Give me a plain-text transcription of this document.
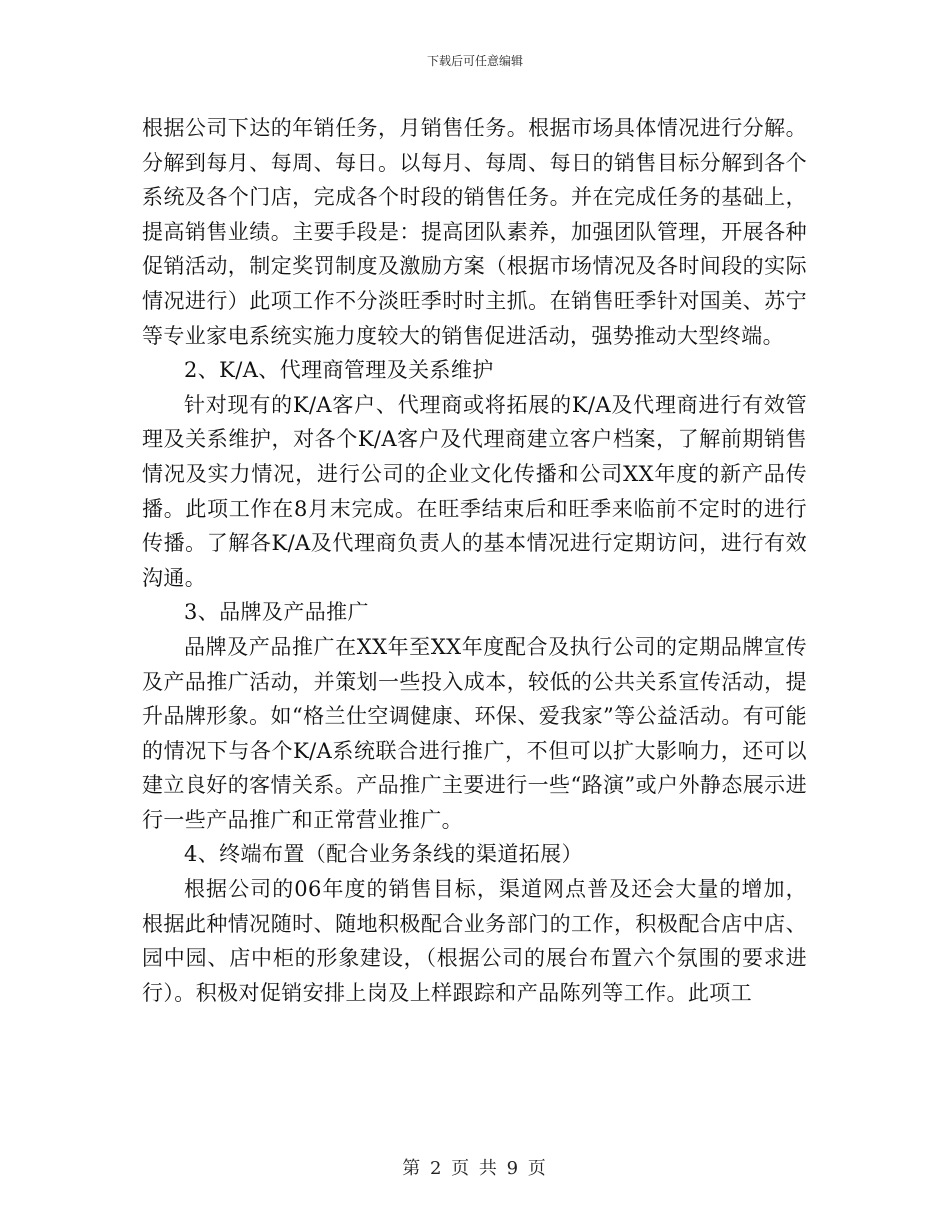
下载后可任意编辑

根据公司下达的年销任务，月销售任务。根据市场具体情况进行分解。分解到每月、每周、每日。以每月、每周、每日的销售目标分解到各个系统及各个门店，完成各个时段的销售任务。并在完成任务的基础上，提高销售业绩。主要手段是：提高团队素养，加强团队管理，开展各种促销活动，制定奖罚制度及激励方案（根据市场情况及各时间段的实际情况进行）此项工作不分淡旺季时时主抓。在销售旺季针对国美、苏宁等专业家电系统实施力度较大的销售促进活动，强势推动大型终端。

2、K/A、代理商管理及关系维护

针对现有的K/A客户、代理商或将拓展的K/A及代理商进行有效管理及关系维护，对各个K/A客户及代理商建立客户档案，了解前期销售情况及实力情况，进行公司的企业文化传播和公司XX年度的新产品传播。此项工作在8月末完成。在旺季结束后和旺季来临前不定时的进行传播。了解各K/A及代理商负责人的基本情况进行定期访问，进行有效沟通。

3、品牌及产品推广

品牌及产品推广在XX年至XX年度配合及执行公司的定期品牌宣传及产品推广活动，并策划一些投入成本，较低的公共关系宣传活动，提升品牌形象。如“格兰仕空调健康、环保、爱我家”等公益活动。有可能的情况下与各个K/A系统联合进行推广，不但可以扩大影响力，还可以建立良好的客情关系。产品推广主要进行一些“路演”或户外静态展示进行一些产品推广和正常营业推广。

4、终端布置（配合业务条线的渠道拓展）

根据公司的06年度的销售目标，渠道网点普及还会大量的增加，根据此种情况随时、随地积极配合业务部门的工作，积极配合店中店、园中园、店中柜的形象建设，（根据公司的展台布置六个氛围的要求进行）。积极对促销安排上岗及上样跟踪和产品陈列等工作。此项工

第 2 页 共 9 页
